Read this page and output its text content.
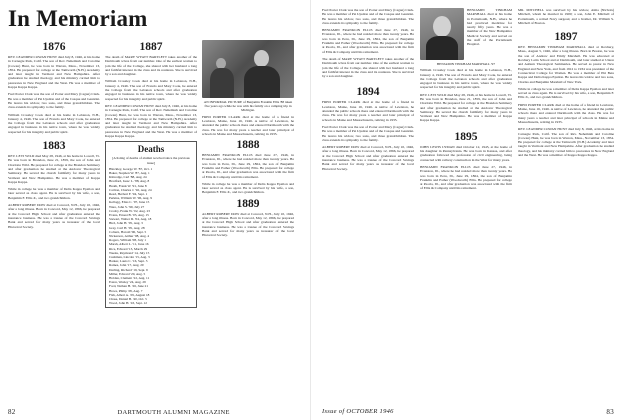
In Memoriam
1876

REV. LEANDER COWAN HUNT died July 8, 1946, at his home in Carnegie Park, Calif. The son of Rev. Nehemiah and Caroline (Cowan) Hunt, he was born in Warren, Mass., November 13, 1854. He prepared for college at the Tamworth (N.H.) Academy and later taught in Vermont and New Hampshire. After graduation he studied theology, and his ministry carried him to pastorates in New England and the West. He was a member of Kappa Kappa Kappa.

Fred Porter Clark was the son of Porter and Mary (Cagan) Clark. He was a member of Psi Upsilon and of the Casque and Gauntlet. He leaves his widow, two sons, and three grandchildren. The class extends its sympathy to the family.

William Crossley Cook died at his home in Lebanon, N.H., January 4, 1946. The son of Francis and Mary Cook, he entered the College from the Lebanon schools and after graduation engaged in business in his native town, where he was widely respected for his integrity and public spirit.

1883

REV. LEVI WILD died May 28, 1946, at his home in Lowell, Vt. He was born in Brandon, June 21, 1859, the son of John and Charlotte Wild. He prepared for college at the Brandon Seminary and after graduation he studied at the Andover Theological Seminary. He served the church faithfully for many years in Vermont and New Hampshire. He was a member of Kappa Kappa Kappa.

While in college he was a member of Delta Kappa Epsilon and later served as class agent. He is survived by his wife, a son, Benjamin F. Ellis Jr., and two grandchildren.

ALBERT ROBERT DOW died at Concord, N.H., July 10, 1946, after a long illness. Born in Concord, May 12, 1866, he prepared at the Concord High School and after graduation entered the insurance business. He was a trustee of the Concord Savings Bank and served for many years as treasurer of the local Historical Society.

1887

The death of MARY WYATT BARTLETT takes another of the Dartmouth wives from our number. One of the earliest women to join the life of the College, she shared with her husband a long and faithful interest in the class and its reunions. She is survived by a son and daughter.

William Crossley Cook died at his home in Lebanon, N.H., January 4, 1946. The son of Francis and Mary Cook, he entered the College from the Lebanon schools and after graduation engaged in business in his native town, where he was widely respected for his integrity and public spirit.

REV. LEANDER COWAN HUNT died July 8, 1946, at his home in Carnegie Park, Calif. The son of Rev. Nehemiah and Caroline (Cowan) Hunt, he was born in Warren, Mass., November 13, 1854. He prepared for college at the Tamworth (N.H.) Academy and later taught in Vermont and New Hampshire. After graduation he studied theology, and his ministry carried him to pastorates in New England and the West. He was a member of Kappa Kappa Kappa.

Deaths

[A listing of deaths of alumni received since the previous issue]

Hinckley, George W. '87, Oct. 1
Baker, Stephen W. '87, Aug. 1
Kittredge, Carl '88, Aug. 24
Bradford, Isaac L. '88, Aug. 8
Heath, Frank W. '91, June 8
Carlton, Charles J. '92, Aug. 24
Reed, Herbert F. '94, Sept. 1
Perkins, William W. '96, Aug. 9
Kellogg, Elias C. '97, June 15
Ware, John S. '99, July 27
Crosby, Frank W. '02, Aug. 23
Evans, Ernest B. '03, Aug. 15
Stewart, Walter D. '04, Aug. 18
Bird, John H. '05, Aug. 3
Gray, Carl H. '05, Aug. 28
Coburn, Harold '06, Sept. 5
Nickerson, Arthur '08, Aug. 4
Rogers, William '08, July 1
Marsh, Albert L. '11, June 16
Rice, Edward '13, March 29
Weeks, Raymond '14, July 15
Cushman, Lincoln '15, Aug. 3
Barker, Louis C. '16, Sept. 3
Raines, John '17, Aug. 20
Darling, Richard '19, Sept. 9
Miller, Edward '20, Aug. 5
Holden, Clement '22, Aug. 11
Eaton, Wesley '24, Aug. 29
Ford, Nathan H. '26, June 21
Howe, Philip '28, Aug. 7
Fish, Albert A. '29, August 18
Chase, Daniel B. '40, Oct. 5
Wood, John H. '43, Sept. 12

AN INFORMAL PICTURE of Benjamin Franklin Ellis '88 taken five years ago while he was with his family on a camping trip in Michigan.

FRED PORTER CLARK died at the home of a friend in Lewiston, Maine, June 16, 1946. A native of Lewiston, he attended the public schools there and entered Dartmouth with the class. He was for many years a teacher and later principal of schools in Maine and Massachusetts, retiring in 1935.

1888

BENJAMIN FRANKLIN ELLIS died June 27, 1946, in Evanston, Ill., where he had resided more than twenty years. He was born in Peru, Ill., June 29, 1864, the son of Benjamin Franklin and Esther (Woodworth) Ellis. He prepared for college at Peoria, Ill., and after graduation was associated with the firm of Ellis & Company until his retirement.

While in college he was a member of Delta Kappa Epsilon and later served as class agent. He is survived by his wife, a son, Benjamin F. Ellis Jr., and two grandchildren.

1889

ALBERT ROBERT DOW died at Concord, N.H., July 10, 1946, after a long illness. Born in Concord, May 12, 1866, he prepared at the Concord High School and after graduation entered the insurance business. He was a trustee of the Concord Savings Bank and served for many years as treasurer of the local Historical Society.

82	DARTMOUTH ALUMNI MAGAZINE

Fred Porter Clark was the son of Porter and Mary (Cagan) Clark. He was a member of Psi Upsilon and of the Casque and Gauntlet. He leaves his widow, two sons, and three grandchildren. The class extends its sympathy to the family.

BENJAMIN FRANKLIN ELLIS died June 27, 1946, in Evanston, Ill., where he had resided more than twenty years. He was born in Peru, Ill., June 29, 1864, the son of Benjamin Franklin and Esther (Woodworth) Ellis. He prepared for college at Peoria, Ill., and after graduation was associated with the firm of Ellis & Company until his retirement.

The death of MARY WYATT BARTLETT takes another of the Dartmouth wives from our number. One of the earliest women to join the life of the College, she shared with her husband a long and faithful interest in the class and its reunions. She is survived by a son and daughter.

1894

FRED PORTER CLARK died at the home of a friend in Lewiston, Maine, June 16, 1946. A native of Lewiston, he attended the public schools there and entered Dartmouth with the class. He was for many years a teacher and later principal of schools in Maine and Massachusetts, retiring in 1935.

Fred Porter Clark was the son of Porter and Mary (Cagan) Clark. He was a member of Psi Upsilon and of the Casque and Gauntlet. He leaves his widow, two sons, and three grandchildren. The class extends its sympathy to the family.

ALBERT ROBERT DOW died at Concord, N.H., July 10, 1946, after a long illness. Born in Concord, May 12, 1866, he prepared at the Concord High School and after graduation entered the insurance business. He was a trustee of the Concord Savings Bank and served for many years as treasurer of the local Historical Society.

BENJAMIN TINKHAM MARSHALL died at his home in Portsmouth, N.H., where he had practiced medicine for nearly fifty years. He was a member of the New Hampshire Medical Society and served on the staff of the Portsmouth Hospital.

BENJAMIN TINKHAM MARSHALL '97

William Crossley Cook died at his home in Lebanon, N.H., January 4, 1946. The son of Francis and Mary Cook, he entered the College from the Lebanon schools and after graduation engaged in business in his native town, where he was widely respected for his integrity and public spirit.

REV. LEVI WILD died May 28, 1946, at his home in Lowell, Vt. He was born in Brandon, June 21, 1859, the son of John and Charlotte Wild. He prepared for college at the Brandon Seminary and after graduation he studied at the Andover Theological Seminary. He served the church faithfully for many years in Vermont and New Hampshire. He was a member of Kappa Kappa Kappa.

1895

JOHN LEWIS LYMAN died October 12, 1945, at the home of his daughter in Pennsylvania. He was born in Kansas, and after graduation followed the profession of civil engineering, being connected with railway construction in the West for many years.

BENJAMIN FRANKLIN ELLIS died June 27, 1946, in Evanston, Ill., where he had resided more than twenty years. He was born in Peru, Ill., June 29, 1864, the son of Benjamin Franklin and Esther (Woodworth) Ellis. He prepared for college at Peoria, Ill., and after graduation was associated with the firm of Ellis & Company until his retirement.

MR. MITCHELL was survived by his widow, Alma (Nichols) Mitchell, whom he married in 1900; a son, John E. Mitchell of Portsmouth, a retired Navy surgeon; and a brother, Dr. William S. Mitchell of Boston.

1897

REV. BENJAMIN TINKHAM MARSHALL died at Roxbury, Mass., August 5, 1946, after a long illness. Born in Boston, he was the son of Andrew and Emily Marshall. He was educated at Roxbury Latin School and at Dartmouth, and later studied at Union and Auburn Theological Seminaries. He served as pastor in New England and New York, and from 1912 to 1934 was president of the Connecticut College for Women. He was a member of Phi Beta Kappa and Delta Kappa Epsilon. He leaves his widow and two sons, Charles and Benjamin Marshall of New York.

While in college he was a member of Delta Kappa Epsilon and later served as class agent. He is survived by his wife, a son, Benjamin F. Ellis Jr., and two grandchildren.

FRED PORTER CLARK died at the home of a friend in Lewiston, Maine, June 16, 1946. A native of Lewiston, he attended the public schools there and entered Dartmouth with the class. He was for many years a teacher and later principal of schools in Maine and Massachusetts, retiring in 1935.

REV. LEANDER COWAN HUNT died July 8, 1946, at his home in Carnegie Park, Calif. The son of Rev. Nehemiah and Caroline (Cowan) Hunt, he was born in Warren, Mass., November 13, 1854. He prepared for college at the Tamworth (N.H.) Academy and later taught in Vermont and New Hampshire. After graduation he studied theology, and his ministry carried him to pastorates in New England and the West. He was a member of Kappa Kappa Kappa.

Issue of OCTOBER 1946	83
